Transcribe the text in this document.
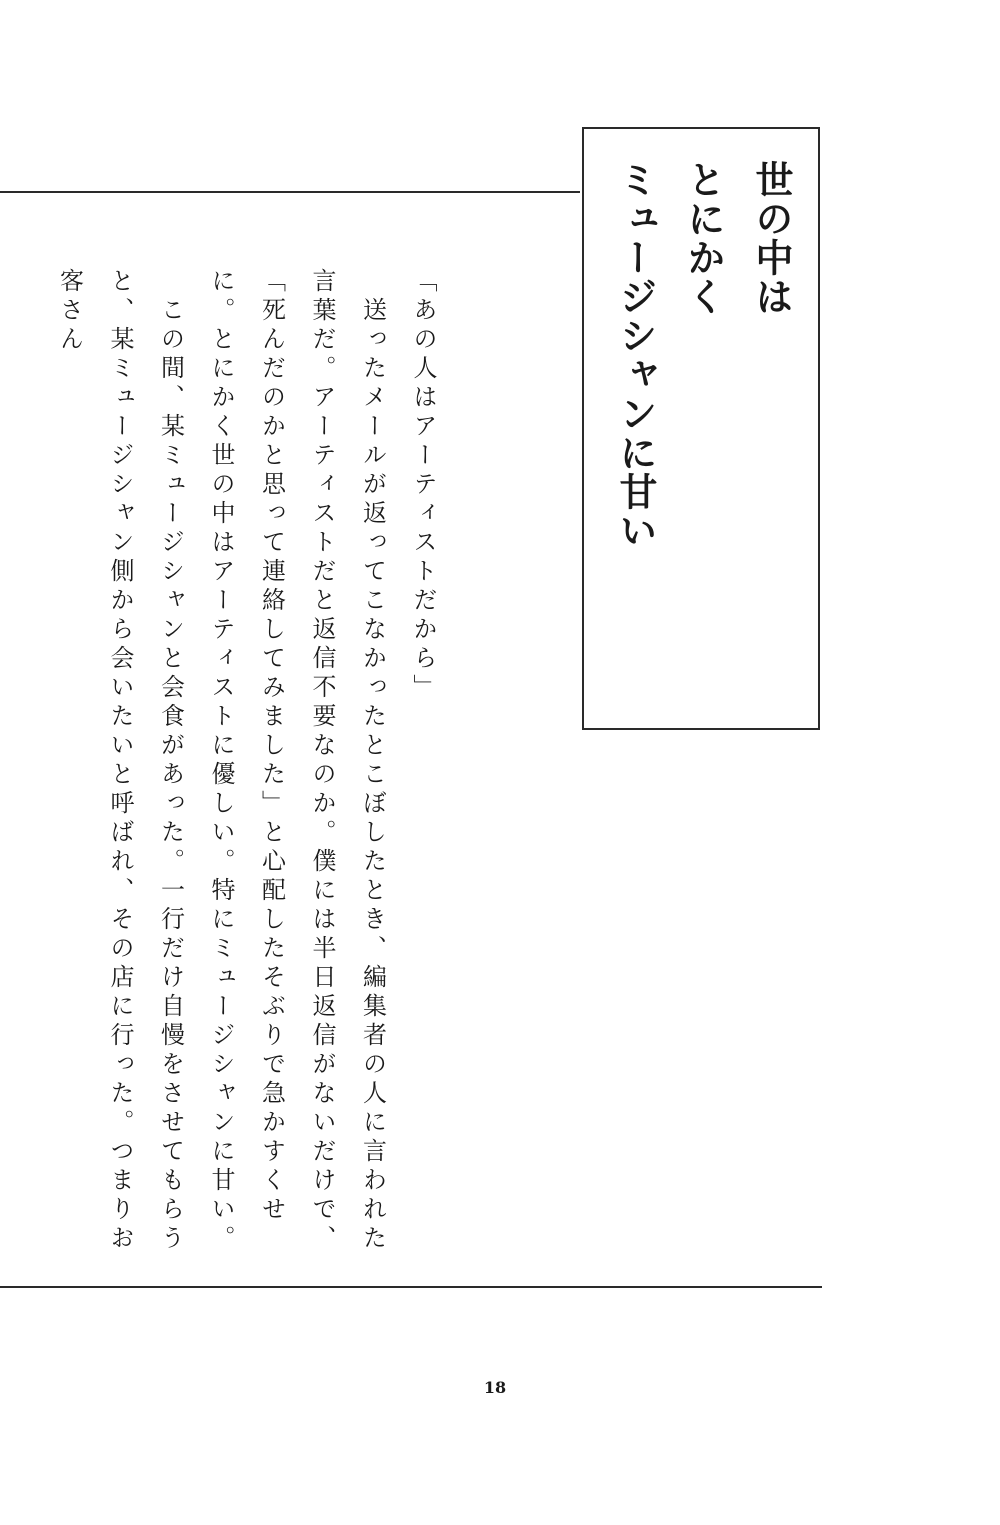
世の中は
とにかく
ミュージシャンに甘い

「あの人はアーティストだから」

　送ったメールが返ってこなかったとこぼしたとき、編集者の人に言われた言葉だ。アーティストだと返信不要なのか。僕には半日返信がないだけで、「死んだのかと思って連絡してみました」と心配したそぶりで急かすくせに。とにかく世の中はアーティストに優しい。特にミュージシャンに甘い。

　この間、某ミュージシャンと会食があった。一行だけ自慢をさせてもらうと、某ミュージシャン側から会いたいと呼ばれ、その店に行った。つまりお客さん

18
